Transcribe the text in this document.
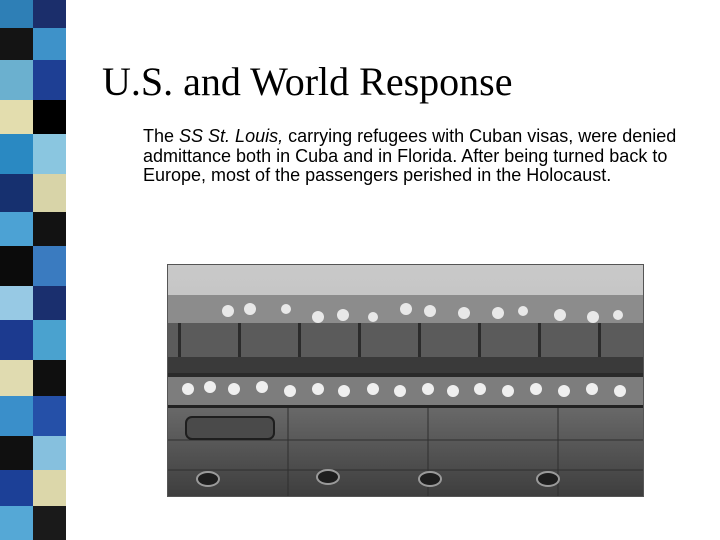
U.S. and World Response
The SS St. Louis, carrying refugees with Cuban visas, were denied admittance both in Cuba and in Florida. After being turned back to Europe, most of the passengers perished in the Holocaust.
